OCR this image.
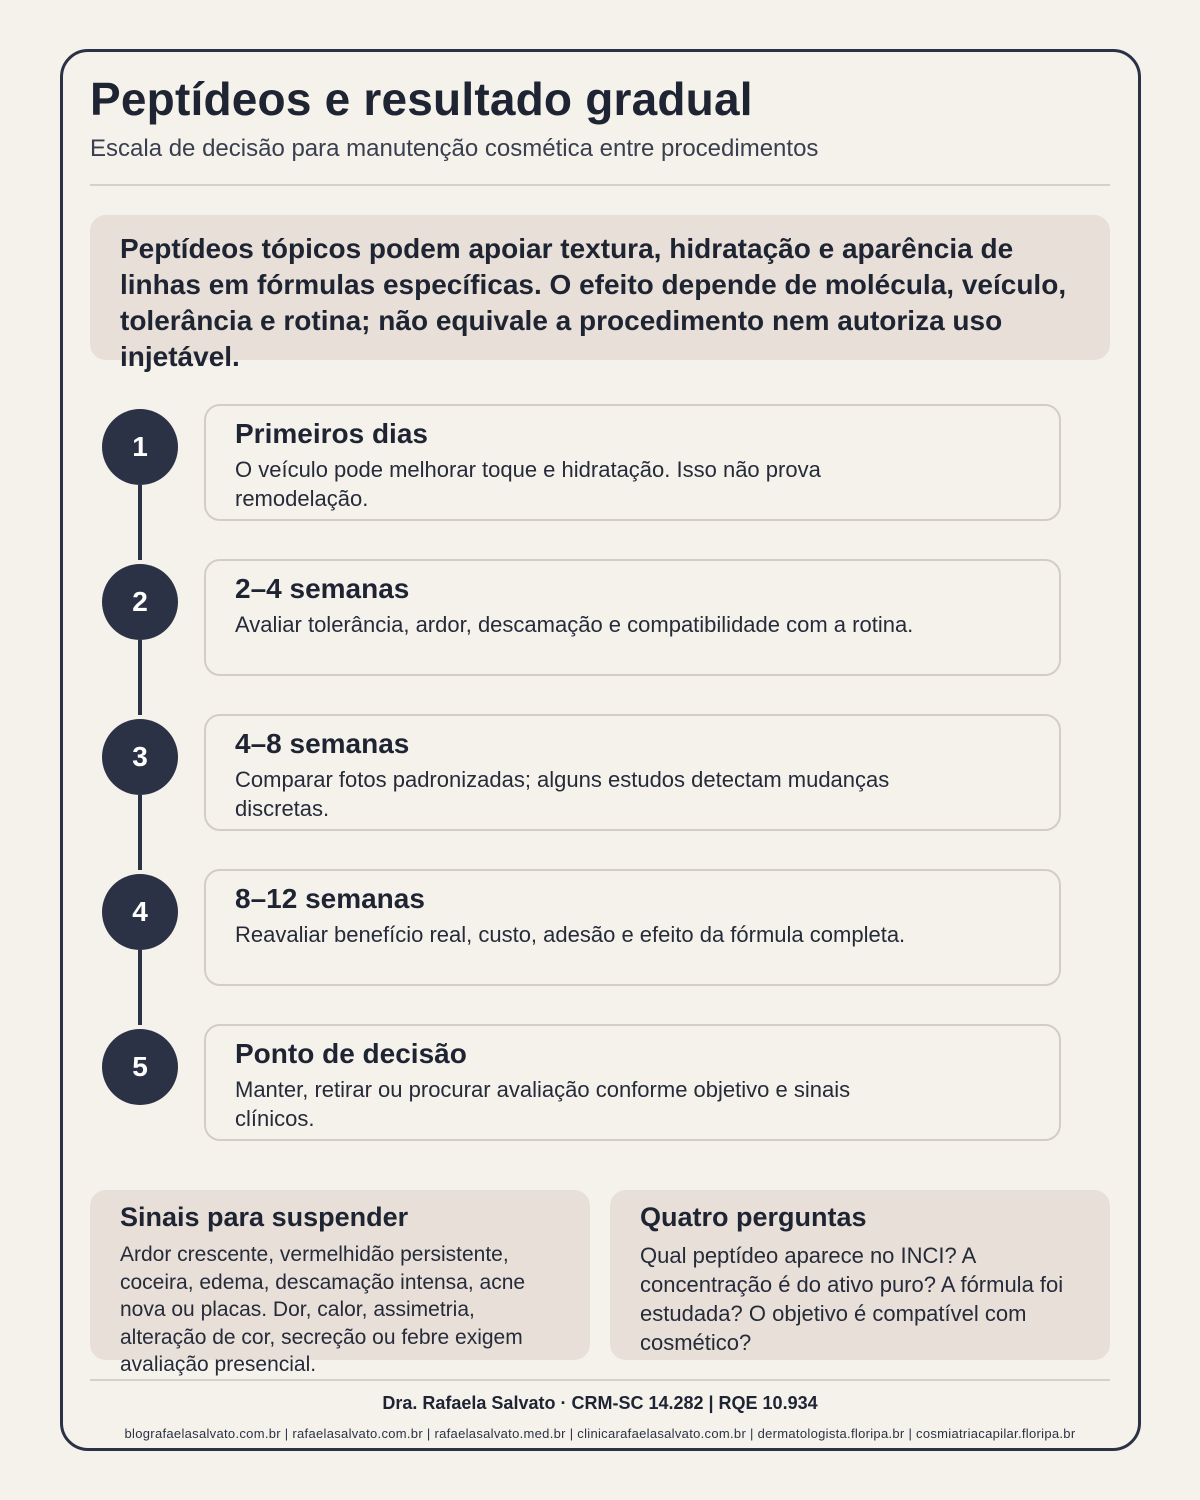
Peptídeos e resultado gradual
Escala de decisão para manutenção cosmética entre procedimentos
Peptídeos tópicos podem apoiar textura, hidratação e aparência de linhas em fórmulas específicas. O efeito depende de molécula, veículo, tolerância e rotina; não equivale a procedimento nem autoriza uso injetável.
1	Primeiros dias
O veículo pode melhorar toque e hidratação. Isso não prova remodelação.
2	2–4 semanas
Avaliar tolerância, ardor, descamação e compatibilidade com a rotina.
3	4–8 semanas
Comparar fotos padronizadas; alguns estudos detectam mudanças discretas.
4	8–12 semanas
Reavaliar benefício real, custo, adesão e efeito da fórmula completa.
5	Ponto de decisão
Manter, retirar ou procurar avaliação conforme objetivo e sinais clínicos.
Sinais para suspender
Ardor crescente, vermelhidão persistente, coceira, edema, descamação intensa, acne nova ou placas. Dor, calor, assimetria, alteração de cor, secreção ou febre exigem avaliação presencial.
Quatro perguntas
Qual peptídeo aparece no INCI? A concentração é do ativo puro? A fórmula foi estudada? O objetivo é compatível com cosmético?
Dra. Rafaela Salvato · CRM-SC 14.282 | RQE 10.934
blografaelasalvato.com.br | rafaelasalvato.com.br | rafaelasalvato.med.br | clinicarafaelasalvato.com.br | dermatologista.floripa.br | cosmiatriacapilar.floripa.br
